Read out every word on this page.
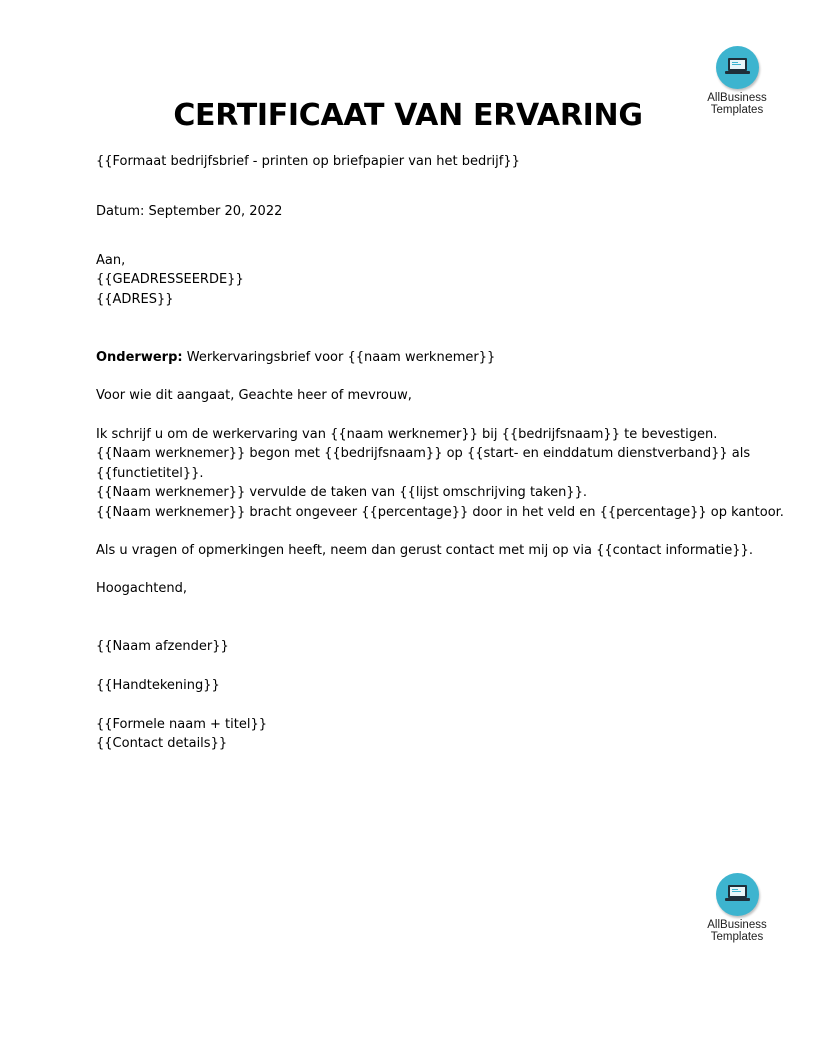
AllBusiness
Templates
CERTIFICAAT VAN ERVARING
{{Formaat bedrijfsbrief - printen op briefpapier van het bedrijf}}
Datum: September 20, 2022
Aan,
{{GEADRESSEERDE}}
{{ADRES}}
Onderwerp: Werkervaringsbrief voor {{naam werknemer}}
Voor wie dit aangaat, Geachte heer of mevrouw,
Ik schrijf u om de werkervaring van {{naam werknemer}} bij {{bedrijfsnaam}} te bevestigen.
{{Naam werknemer}} begon met {{bedrijfsnaam}} op {{start- en einddatum dienstverband}} als
{{functietitel}}.
{{Naam werknemer}} vervulde de taken van {{lijst omschrijving taken}}.
{{Naam werknemer}} bracht ongeveer {{percentage}} door in het veld en {{percentage}} op kantoor.
Als u vragen of opmerkingen heeft, neem dan gerust contact met mij op via {{contact informatie}}.
Hoogachtend,
{{Naam afzender}}
{{Handtekening}}
{{Formele naam + titel}}
{{Contact details}}
AllBusiness
Templates
